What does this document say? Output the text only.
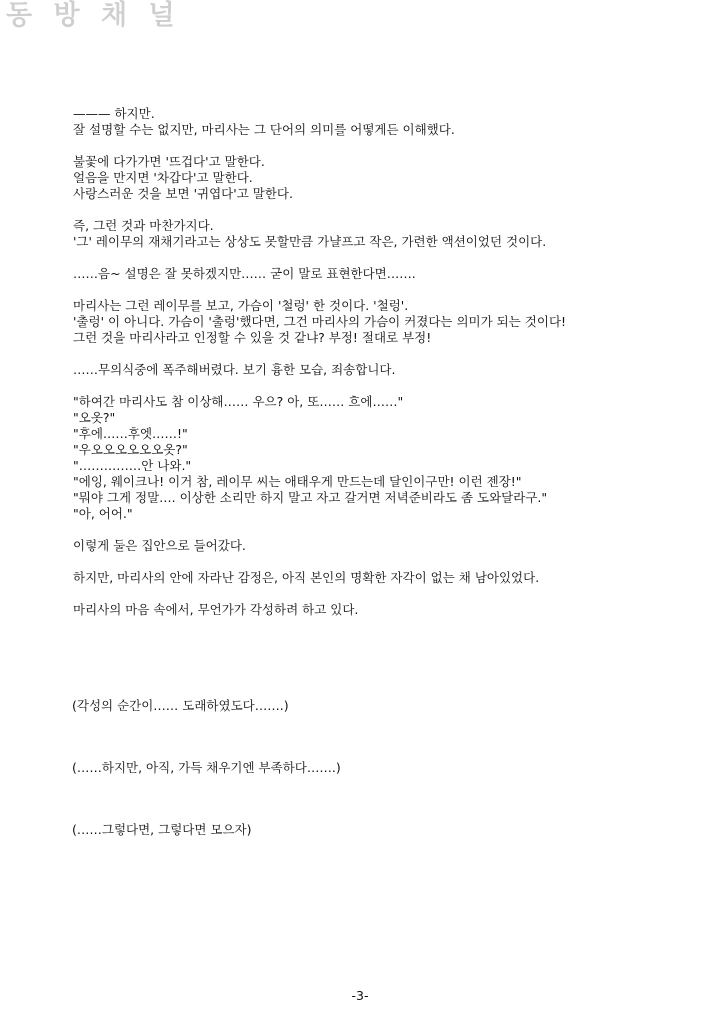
동 방 채 널
——— 하지만.
잘 설명할 수는 없지만, 마리사는 그 단어의 의미를 어떻게든 이해했다.
불꽃에 다가가면 '뜨겁다'고 말한다.
얼음을 만지면 '차갑다'고 말한다.
사랑스러운 것을 보면 '귀엽다'고 말한다.
즉, 그런 것과 마찬가지다.
'그' 레이무의 재채기라고는 상상도 못할만큼 가냘프고 작은, 가련한 액션이었던 것이다.
……음~ 설명은 잘 못하겠지만…… 굳이 말로 표현한다면…….
마리사는 그런 레이무를 보고, 가슴이 '철렁' 한 것이다. '철렁'.
'출렁' 이 아니다. 가슴이 '출렁'했다면, 그건 마리사의 가슴이 커졌다는 의미가 되는 것이다!
그런 것을 마리사라고 인정할 수 있을 것 같냐? 부정! 절대로 부정!
……무의식중에 폭주해버렸다. 보기 흉한 모습, 죄송합니다.
"하여간 마리사도 참 이상해…… 우으? 아, 또…… 흐에……"
"오옷?"
"후에……후엣……!"
"우오오오오오오옷?"
"……………안 나와."
"에잉, 웨이크나! 이거 참, 레이무 씨는 애태우게 만드는데 달인이구만! 이런 젠장!"
"뭐야 그게 정말…. 이상한 소리만 하지 말고 자고 갈거면 저녁준비라도 좀 도와달라구."
"아, 어어."
이렇게 둘은 집안으로 들어갔다.
하지만, 마리사의 안에 자라난 감정은, 아직 본인의 명확한 자각이 없는 채 남아있었다.
마리사의 마음 속에서, 무언가가 각성하려 하고 있다.
(각성의 순간이…… 도래하였도다…….)
(……하지만, 아직, 가득 채우기엔 부족하다…….)
(……그렇다면, 그렇다면 모으자)
-3-
